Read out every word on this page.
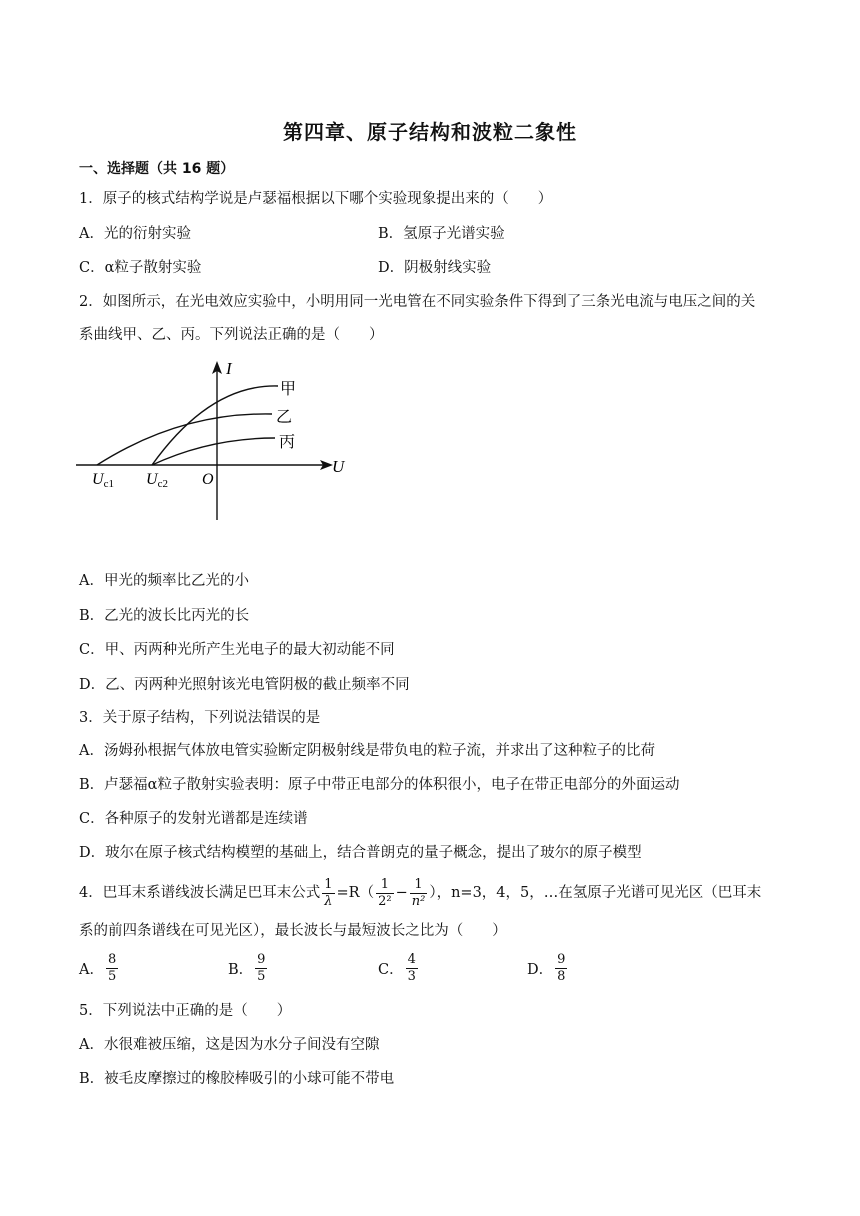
第四章、原子结构和波粒二象性
一、选择题（共 16 题）
1．原子的核式结构学说是卢瑟福根据以下哪个实验现象提出来的（　　）
A．光的衍射实验	B．氢原子光谱实验
C．α粒子散射实验	D．阴极射线实验
2．如图所示，在光电效应实验中，小明用同一光电管在不同实验条件下得到了三条光电流与电压之间的关
系曲线甲、乙、丙。下列说法正确的是（　　）
I
U
O
甲
乙
丙
Uc1 Uc2
A．甲光的频率比乙光的小
B．乙光的波长比丙光的长
C．甲、丙两种光所产生光电子的最大初动能不同
D．乙、丙两种光照射该光电管阴极的截止频率不同
3．关于原子结构，下列说法错误的是
A．汤姆孙根据气体放电管实验断定阴极射线是带负电的粒子流，并求出了这种粒子的比荷
B．卢瑟福α粒子散射实验表明：原子中带正电部分的体积很小，电子在带正电部分的外面运动
C．各种原子的发射光谱都是连续谱
D．玻尔在原子核式结构模塑的基础上，结合普朗克的量子概念，提出了玻尔的原子模型
4．巴耳末系谱线波长满足巴耳末公式 $\frac{1}{\lambda} =R( \frac{1}{\text{2²}} - \frac{1}{\text{n²}}$ ），n=3，4，5，…在氢原子光谱可见光区（巴耳末
系的前四条谱线在可见光区），最长波长与最短波长之比为（　　）
A． $\frac{8}{5}$	B． $\frac{9}{5}$	C． $\frac{4}{3}$	D． $\frac{9}{8}$
5．下列说法中正确的是（　　）
A．水很难被压缩，这是因为水分子间没有空隙
B．被毛皮摩擦过的橡胶棒吸引的小球可能不带电
